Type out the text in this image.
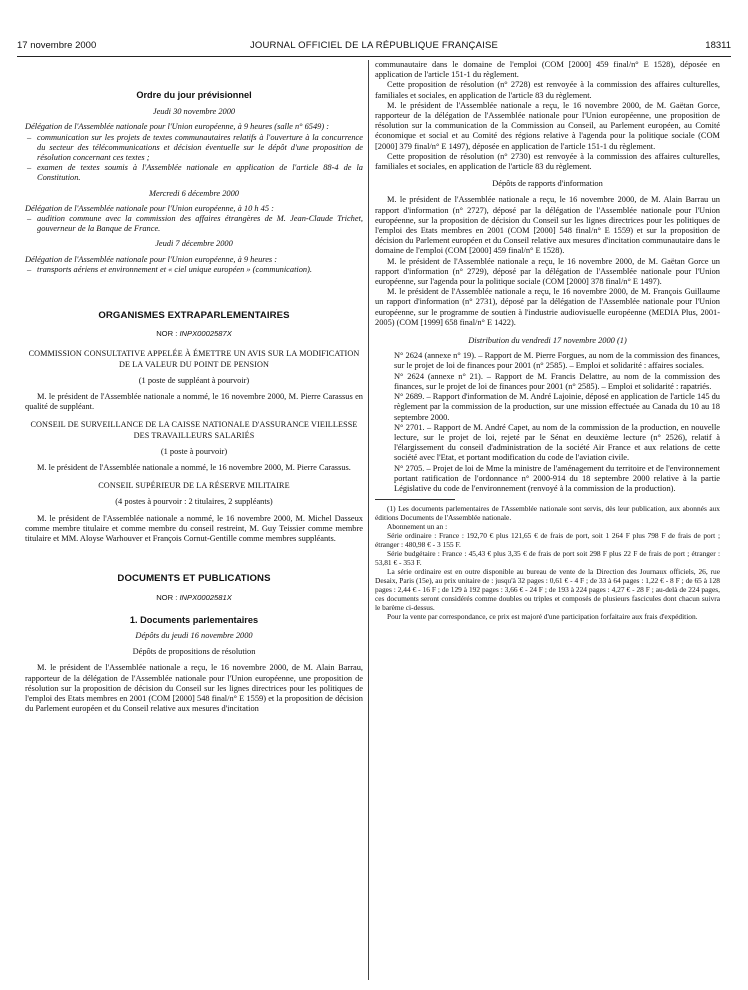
17 novembre 2000	JOURNAL OFFICIEL DE LA RÉPUBLIQUE FRANÇAISE	18311

Ordre du jour prévisionnel

Jeudi 30 novembre 2000

Délégation de l'Assemblée nationale pour l'Union européenne, à 9 heures (salle n° 6549) :

– communication sur les projets de textes communautaires relatifs à l'ouverture à la concurrence du secteur des télécommunications et décision éventuelle sur le dépôt d'une proposition de résolution concernant ces textes ;
– examen de textes soumis à l'Assemblée nationale en application de l'article 88-4 de la Constitution.

Mercredi 6 décembre 2000

Délégation de l'Assemblée nationale pour l'Union européenne, à 10 h 45 :

– audition commune avec la commission des affaires étrangères de M. Jean-Claude Trichet, gouverneur de la Banque de France.

Jeudi 7 décembre 2000

Délégation de l'Assemblée nationale pour l'Union européenne, à 9 heures :

– transports aériens et environnement et « ciel unique européen » (communication).

ORGANISMES EXTRAPARLEMENTAIRES

NOR : INPX0002587X

COMMISSION CONSULTATIVE APPELÉE À ÉMETTRE UN AVIS SUR LA MODIFICATION DE LA VALEUR DU POINT DE PENSION

(1 poste de suppléant à pourvoir)

M. le président de l'Assemblée nationale a nommé, le 16 novembre 2000, M. Pierre Carassus en qualité de suppléant.

CONSEIL DE SURVEILLANCE DE LA CAISSE NATIONALE D'ASSURANCE VIEILLESSE DES TRAVAILLEURS SALARIÉS

(1 poste à pourvoir)

M. le président de l'Assemblée nationale a nommé, le 16 novembre 2000, M. Pierre Carassus.

CONSEIL SUPÉRIEUR DE LA RÉSERVE MILITAIRE

(4 postes à pourvoir : 2 titulaires, 2 suppléants)

M. le président de l'Assemblée nationale a nommé, le 16 novembre 2000, M. Michel Dasseux comme membre titulaire et comme membre du conseil restreint, M. Guy Teissier comme membre titulaire et MM. Aloyse Warhouver et François Cornut-Gentille comme membres suppléants.

DOCUMENTS ET PUBLICATIONS

NOR : INPX0002581X

1. Documents parlementaires

Dépôts du jeudi 16 novembre 2000

Dépôts de propositions de résolution

M. le président de l'Assemblée nationale a reçu, le 16 novembre 2000, de M. Alain Barrau, rapporteur de la délégation de l'Assemblée nationale pour l'Union européenne, une proposition de résolution sur la proposition de décision du Conseil sur les lignes directrices pour les politiques de l'emploi des Etats membres en 2001 (COM [2000] 548 final/n° E 1559) et la proposition de décision du Parlement européen et du Conseil relative aux mesures d'incitation

communautaire dans le domaine de l'emploi (COM [2000] 459 final/n° E 1528), déposée en application de l'article 151-1 du règlement.

Cette proposition de résolution (n° 2728) est renvoyée à la commission des affaires culturelles, familiales et sociales, en application de l'article 83 du règlement.

M. le président de l'Assemblée nationale a reçu, le 16 novembre 2000, de M. Gaëtan Gorce, rapporteur de la délégation de l'Assemblée nationale pour l'Union européenne, une proposition de résolution sur la communication de la Commission au Conseil, au Parlement européen, au Comité économique et social et au Comité des régions relative à l'agenda pour la politique sociale (COM [2000] 379 final/n° E 1497), déposée en application de l'article 151-1 du règlement.

Cette proposition de résolution (n° 2730) est renvoyée à la commission des affaires culturelles, familiales et sociales, en application de l'article 83 du règlement.

Dépôts de rapports d'information

M. le président de l'Assemblée nationale a reçu, le 16 novembre 2000, de M. Alain Barrau un rapport d'information (n° 2727), déposé par la délégation de l'Assemblée nationale pour l'Union européenne, sur la proposition de décision du Conseil sur les lignes directrices pour les politiques de l'emploi des Etats membres en 2001 (COM [2000] 548 final/n° E 1559) et sur la proposition de décision du Parlement européen et du Conseil relative aux mesures d'incitation communautaire dans le domaine de l'emploi (COM [2000] 459 final/n° E 1528).

M. le président de l'Assemblée nationale a reçu, le 16 novembre 2000, de M. Gaëtan Gorce un rapport d'information (n° 2729), déposé par la délégation de l'Assemblée nationale pour l'Union européenne, sur l'agenda pour la politique sociale (COM [2000] 378 final/n° E 1497).

M. le président de l'Assemblée nationale a reçu, le 16 novembre 2000, de M. François Guillaume un rapport d'information (n° 2731), déposé par la délégation de l'Assemblée nationale pour l'Union européenne, sur le programme de soutien à l'industrie audiovisuelle européenne (MEDIA Plus, 2001-2005) (COM [1999] 658 final/n° E 1422).

Distribution du vendredi 17 novembre 2000 (1)

N° 2624 (annexe n° 19). – Rapport de M. Pierre Forgues, au nom de la commission des finances, sur le projet de loi de finances pour 2001 (n° 2585). – Emploi et solidarité : affaires sociales.
N° 2624 (annexe n° 21). – Rapport de M. Francis Delattre, au nom de la commission des finances, sur le projet de loi de finances pour 2001 (n° 2585). – Emploi et solidarité : rapatriés.
N° 2689. – Rapport d'information de M. André Lajoinie, déposé en application de l'article 145 du règlement par la commission de la production, sur une mission effectuée au Canada du 10 au 18 septembre 2000.
N° 2701. – Rapport de M. André Capet, au nom de la commission de la production, en nouvelle lecture, sur le projet de loi, rejeté par le Sénat en deuxième lecture (n° 2526), relatif à l'élargissement du conseil d'administration de la société Air France et aux relations de cette société avec l'Etat, et portant modification du code de l'aviation civile.
N° 2705. – Projet de loi de Mme la ministre de l'aménagement du territoire et de l'environnement portant ratification de l'ordonnance n° 2000-914 du 18 septembre 2000 relative à la partie Législative du code de l'environnement (renvoyé à la commission de la production).

(1) Les documents parlementaires de l'Assemblée nationale sont servis, dès leur publication, aux abonnés aux éditions Documents de l'Assemblée nationale.

Abonnement un an :

Série ordinaire : France : 192,70 € plus 121,65 € de frais de port, soit 1 264 F plus 798 F de frais de port ; étranger : 480,98 € - 3 155 F.

Série budgétaire : France : 45,43 € plus 3,35 € de frais de port soit 298 F plus 22 F de frais de port ; étranger : 53,81 € - 353 F.

La série ordinaire est en outre disponible au bureau de vente de la Direction des Journaux officiels, 26, rue Desaix, Paris (15e), au prix unitaire de : jusqu'à 32 pages : 0,61 € - 4 F ; de 33 à 64 pages : 1,22 € - 8 F ; de 65 à 128 pages : 2,44 € - 16 F ; de 129 à 192 pages : 3,66 € - 24 F ; de 193 à 224 pages : 4,27 € - 28 F ; au-delà de 224 pages, ces documents seront considérés comme doubles ou triples et composés de plusieurs fascicules dont chacun suivra le barème ci-dessus.

Pour la vente par correspondance, ce prix est majoré d'une participation forfaitaire aux frais d'expédition.
